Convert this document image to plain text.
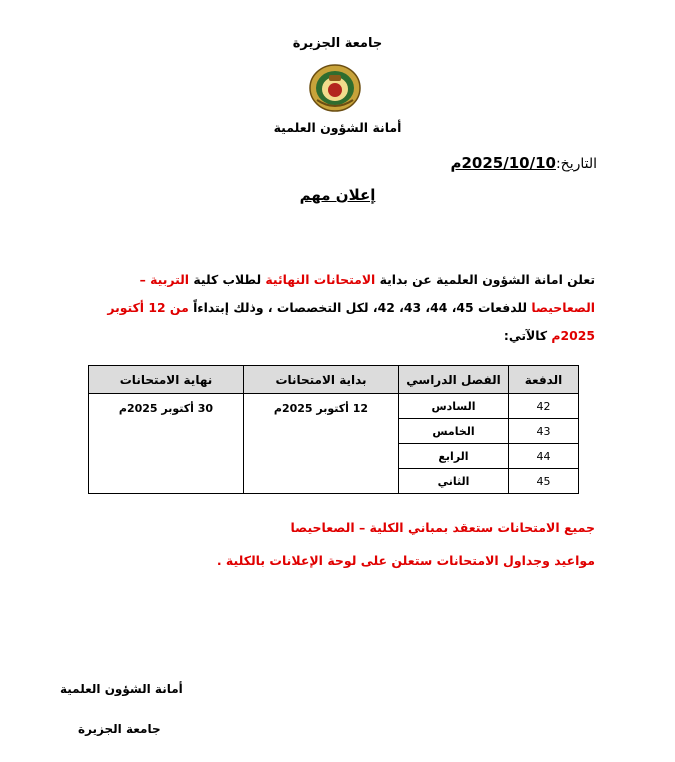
جامعة الجزيرة
أمانة الشؤون العلمية
التاريخ:2025/10/10م
إعلان مهم
تعلن امانة الشؤون العلمية عن بداية الامتحانات النهائية لطلاب كلية التربية – الصعاحيصا للدفعات 45، 44، 43، 42، لكل التخصصات ، وذلك إبتداءاً من 12 أكتوبر 2025م كالآتي:
الدفعة	الفصل الدراسي	بداية الامتحانات	نهاية الامتحانات
42	السادس	12 أكتوبر 2025م	30 أكتوبر 2025م
43	الخامس		
44	الرابع		
45	الثاني		
جميع الامتحانات ستعقد بمباني الكلية – الصعاحيصا
مواعيد وجداول الامتحانات ستعلن على لوحة الإعلانات بالكلية .
أمانة الشؤون العلمية
جامعة الجزيرة
